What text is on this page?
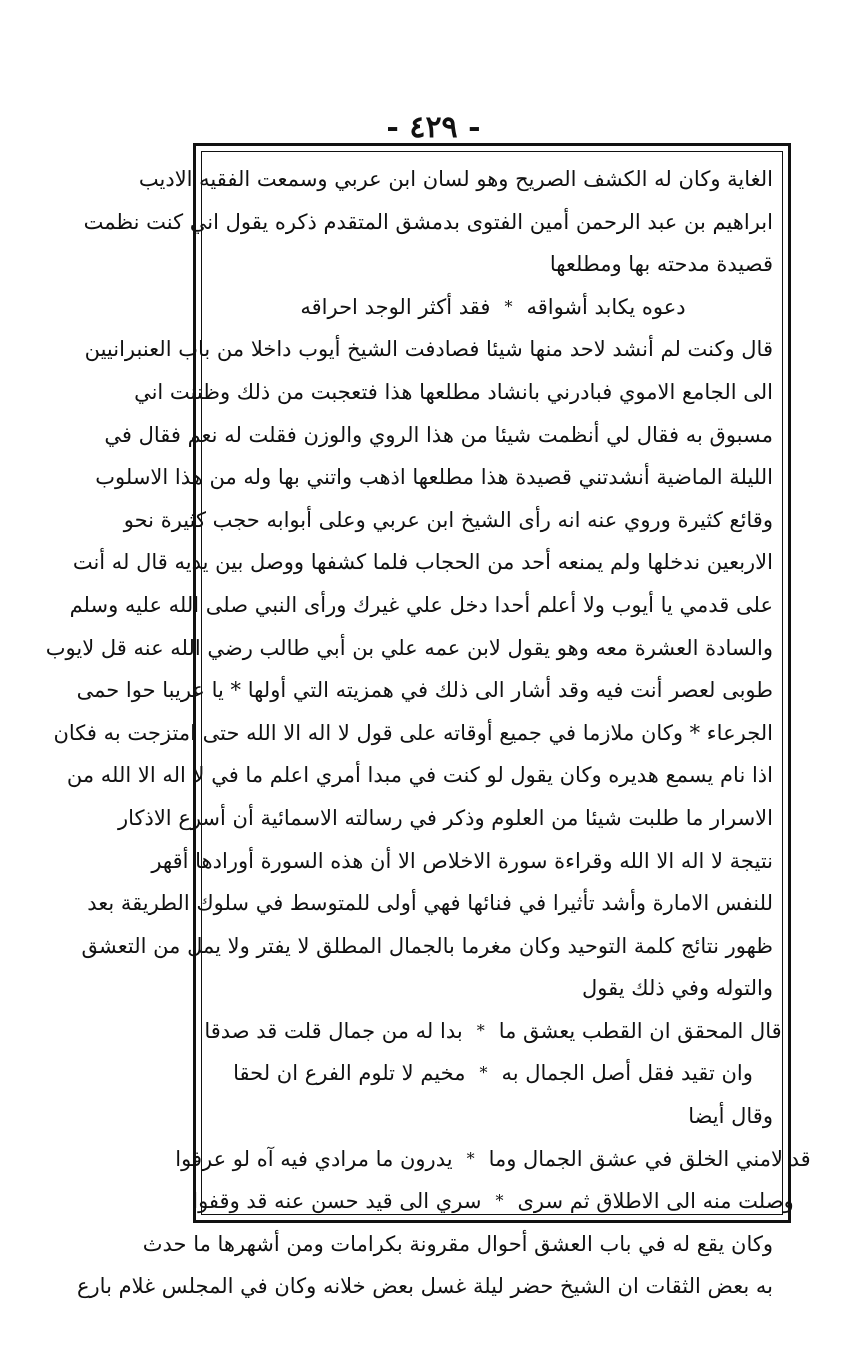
- ٤٢٩ -
الغاية وكان له الكشف الصريح وهو لسان ابن عربي وسمعت الفقيه الاديب
ابراهيم بن عبد الرحمن أمين الفتوى بدمشق المتقدم ذكره يقول اني كنت نظمت
قصيدة مدحته بها ومطلعها
دعوه يكابد أشواقه
*
فقد أكثر الوجد احراقه
قال وكنت لم أنشد لاحد منها شيئا فصادفت الشيخ أيوب داخلا من باب العنبرانيين
الى الجامع الاموي فبادرني بانشاد مطلعها هذا فتعجبت من ذلك وظننت اني
مسبوق به فقال لي أنظمت شيئا من هذا الروي والوزن فقلت له نعم فقال في
الليلة الماضية أنشدتني قصيدة هذا مطلعها اذهب واتني بها وله من هذا الاسلوب
وقائع كثيرة وروي عنه انه رأى الشيخ ابن عربي وعلى أبوابه حجب كثيرة نحو
الاربعين ندخلها ولم يمنعه أحد من الحجاب فلما كشفها ووصل بين يديه قال له أنت
على قدمي يا أيوب ولا أعلم أحدا دخل علي غيرك ورأى النبي صلى الله عليه وسلم
والسادة العشرة معه وهو يقول لابن عمه علي بن أبي طالب رضي الله عنه قل لايوب
طوبى لعصر أنت فيه وقد أشار الى ذلك في همزيته التي أولها * يا عريبا حوا حمى
الجرعاء * وكان ملازما في جميع أوقاته على قول لا اله الا الله حتى امتزجت به فكان
اذا نام يسمع هديره وكان يقول لو كنت في مبدا أمري اعلم ما في لا اله الا الله من
الاسرار ما طلبت شيئا من العلوم وذكر في رسالته الاسمائية أن أسرع الاذكار
نتيجة لا اله الا الله وقراءة سورة الاخلاص الا أن هذه السورة أورادها أقهر
للنفس الامارة وأشد تأثيرا في فنائها فهي أولى للمتوسط في سلوك الطريقة بعد
ظهور نتائج كلمة التوحيد وكان مغرما بالجمال المطلق لا يفتر ولا يمل من التعشق
والتوله وفي ذلك يقول
قال المحقق ان القطب يعشق ما
*
بدا له من جمال قلت قد صدقا
وان تقيد فقل أصل الجمال به
*
مخيم لا تلوم الفرع ان لحقا
وقال أيضا
قد لامني الخلق في عشق الجمال وما
*
يدرون ما مرادي فيه آه لو عرفوا
وصلت منه الى الاطلاق ثم سرى
*
سري الى قيد حسن عنه قد وقفوا
وكان يقع له في باب العشق أحوال مقرونة بكرامات ومن أشهرها ما حدث
به بعض الثقات ان الشيخ حضر ليلة غسل بعض خلانه وكان في المجلس غلام بارع
